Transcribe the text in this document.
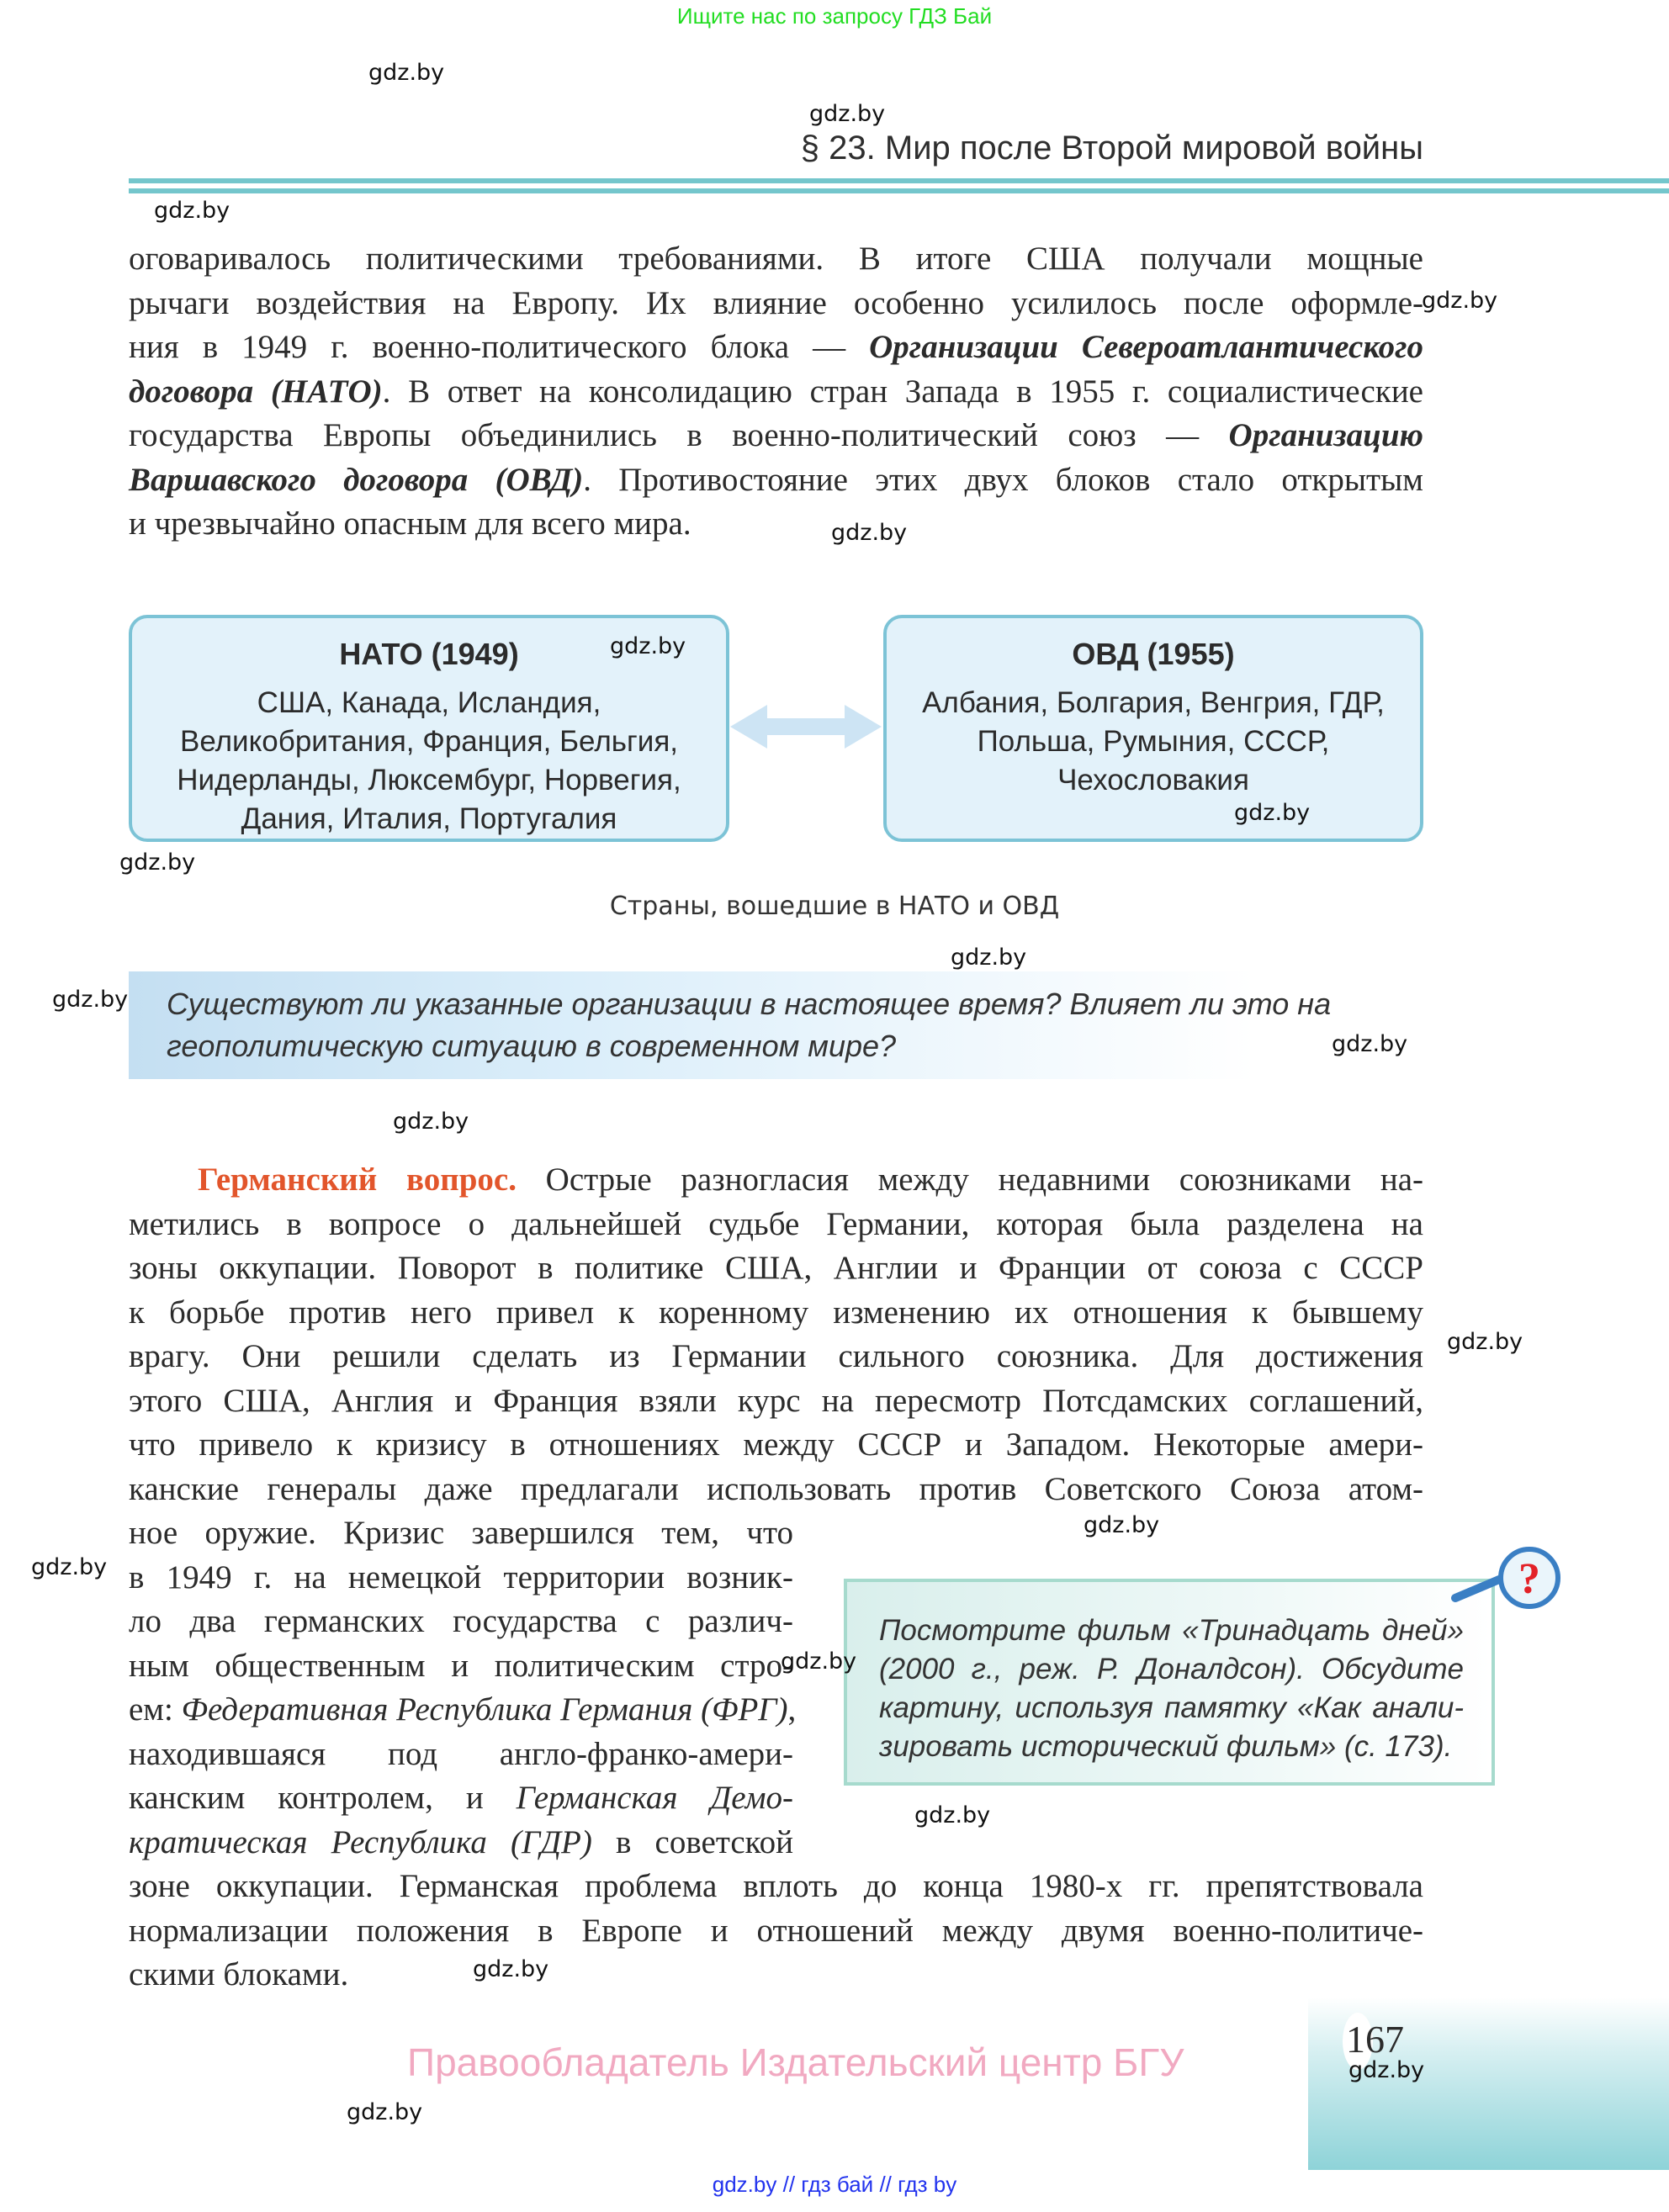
Ищите нас по запросу ГДЗ Бай
§ 23. Мир после Второй мировой войны
оговаривалось политическими требованиями. В итоге США получали мощные
рычаги воздействия на Европу. Их влияние особенно усилилось после оформле-
ния в 1949 г. военно-политического блока — Организации Североатлантического
договора (НАТО). В ответ на консолидацию стран Запада в 1955 г. социалистические
государства Европы объединились в военно-политический союз — Организацию
Варшавского договора (ОВД). Противостояние этих двух блоков стало открытым
и чрезвычайно опасным для всего мира.
НАТО (1949)
США, Канада, Исландия,
Великобритания, Франция, Бельгия,
Нидерланды, Люксембург, Норвегия,
Дания, Италия, Португалия
ОВД (1955)
Албания, Болгария, Венгрия, ГДР,
Польша, Румыния, СССР,
Чехословакия
Страны, вошедшие в НАТО и ОВД
Существуют ли указанные организации в настоящее время? Влияет ли это на
геополитическую ситуацию в современном мире?
Германский вопрос. Острые разногласия между недавними союзниками на-
метились в вопросе о дальнейшей судьбе Германии, которая была разделена на
зоны оккупации. Поворот в политике США, Англии и Франции от союза с СССР
к борьбе против него привел к коренному изменению их отношения к бывшему
врагу. Они решили сделать из Германии сильного союзника. Для достижения
этого США, Англия и Франция взяли курс на пересмотр Потсдамских соглашений,
что привело к кризису в отношениях между СССР и Западом. Некоторые амери-
канские генералы даже предлагали использовать против Советского Союза атом-
ное оружие. Кризис завершился тем, что
в 1949 г. на немецкой территории возник-
ло два германских государства с различ-
ным общественным и политическим стро-
ем: Федеративная Республика Германия (ФРГ),
находившаяся под англо-франко-амери-
канским контролем, и Германская Демо-
кратическая Республика (ГДР) в советской
зоне оккупации. Германская проблема вплоть до конца 1980-х гг. препятствовала
нормализации положения в Европе и отношений между двумя военно-политиче-
скими блоками.
Посмотрите фильм «Тринадцать дней»
(2000 г., реж. Р. Доналдсон). Обсудите
картину, используя памятку «Как анали-
зировать исторический фильм» (с. 173).
?
167
Правообладатель Издательский центр БГУ
gdz.by // гдз бай // гдз by
gdz.by
gdz.by
gdz.by
gdz.by
gdz.by
gdz.by
gdz.by
gdz.by
gdz.by
gdz.by
gdz.by
gdz.by
gdz.by
gdz.by
gdz.by
gdz.by
gdz.by
gdz.by
gdz.by
gdz.by
